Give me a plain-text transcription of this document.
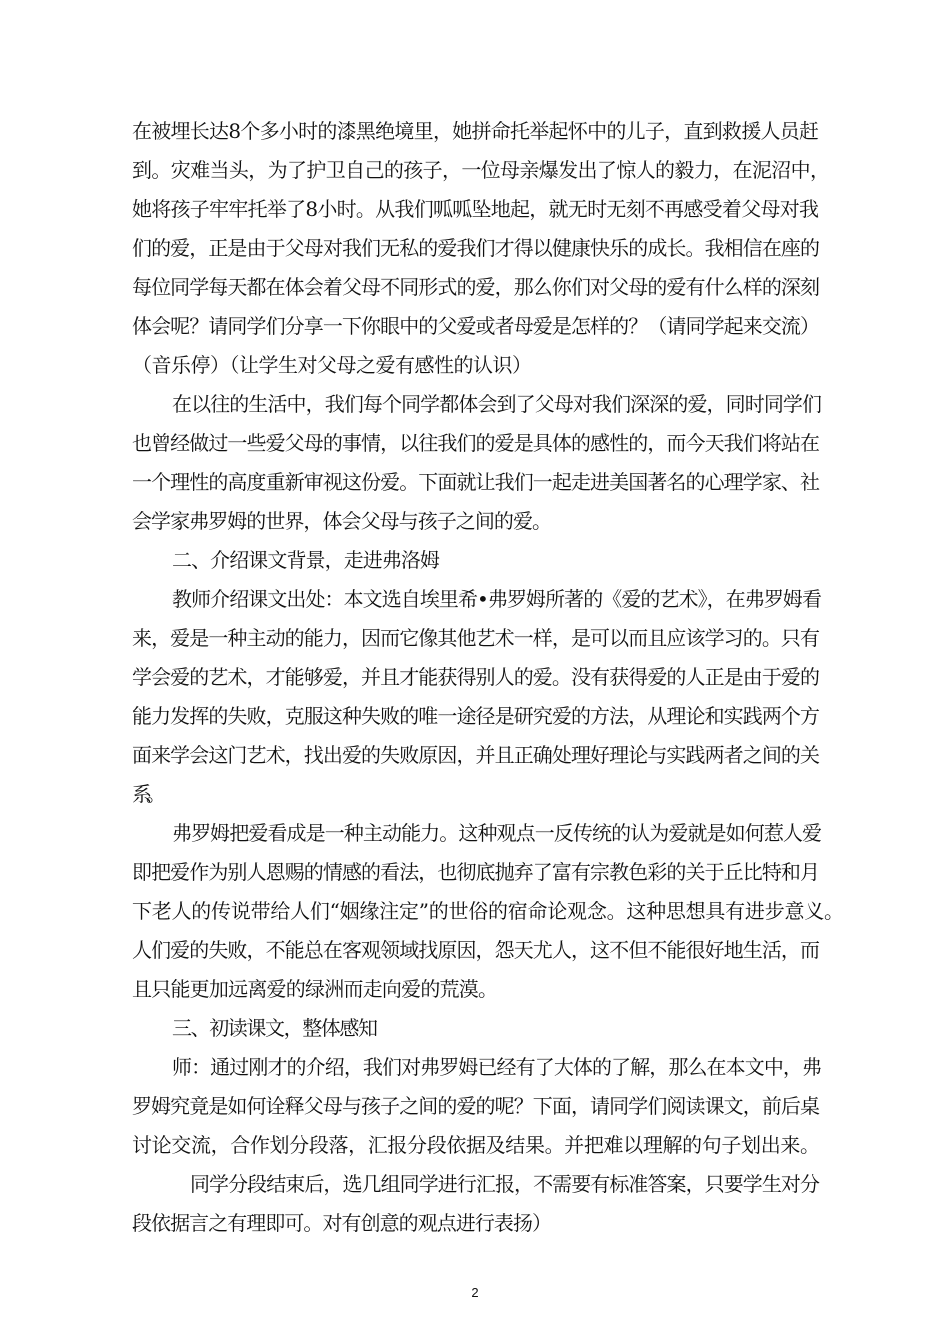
在被埋长达8个多小时的漆黑绝境里，她拼命托举起怀中的儿子，直到救援人员赶
到。灾难当头，为了护卫自己的孩子，一位母亲爆发出了惊人的毅力，在泥沼中，
她将孩子牢牢托举了8小时。从我们呱呱坠地起，就无时无刻不再感受着父母对我
们的爱，正是由于父母对我们无私的爱我们才得以健康快乐的成长。我相信在座的
每位同学每天都在体会着父母不同形式的爱，那么你们对父母的爱有什么样的深刻
体会呢？请同学们分享一下你眼中的父爱或者母爱是怎样的？（请同学起来交流）
（音乐停）（让学生对父母之爱有感性的认识）
在以往的生活中，我们每个同学都体会到了父母对我们深深的爱，同时同学们
也曾经做过一些爱父母的事情，以往我们的爱是具体的感性的，而今天我们将站在
一个理性的高度重新审视这份爱。下面就让我们一起走进美国著名的心理学家、社
会学家弗罗姆的世界，体会父母与孩子之间的爱。
二、介绍课文背景，走进弗洛姆
教师介绍课文出处：本文选自埃里希•弗罗姆所著的《爱的艺术》，在弗罗姆看
来，爱是一种主动的能力，因而它像其他艺术一样，是可以而且应该学习的。只有
学会爱的艺术，才能够爱，并且才能获得别人的爱。没有获得爱的人正是由于爱的
能力发挥的失败，克服这种失败的唯一途径是研究爱的方法，从理论和实践两个方
面来学会这门艺术，找出爱的失败原因，并且正确处理好理论与实践两者之间的关
系。
弗罗姆把爱看成是一种主动能力。这种观点一反传统的认为爱就是如何惹人爱
即把爱作为别人恩赐的情感的看法，也彻底抛弃了富有宗教色彩的关于丘比特和月
下老人的传说带给人们“姻缘注定”的世俗的宿命论观念。这种思想具有进步意义。
人们爱的失败，不能总在客观领域找原因，怨天尤人，这不但不能很好地生活，而
且只能更加远离爱的绿洲而走向爱的荒漠。
三、初读课文，整体感知
师：通过刚才的介绍，我们对弗罗姆已经有了大体的了解，那么在本文中，弗
罗姆究竟是如何诠释父母与孩子之间的爱的呢？下面，请同学们阅读课文，前后桌
讨论交流，合作划分段落，汇报分段依据及结果。并把难以理解的句子划出来。
同学分段结束后，选几组同学进行汇报，不需要有标准答案，只要学生对分
段依据言之有理即可。对有创意的观点进行表扬）
2
